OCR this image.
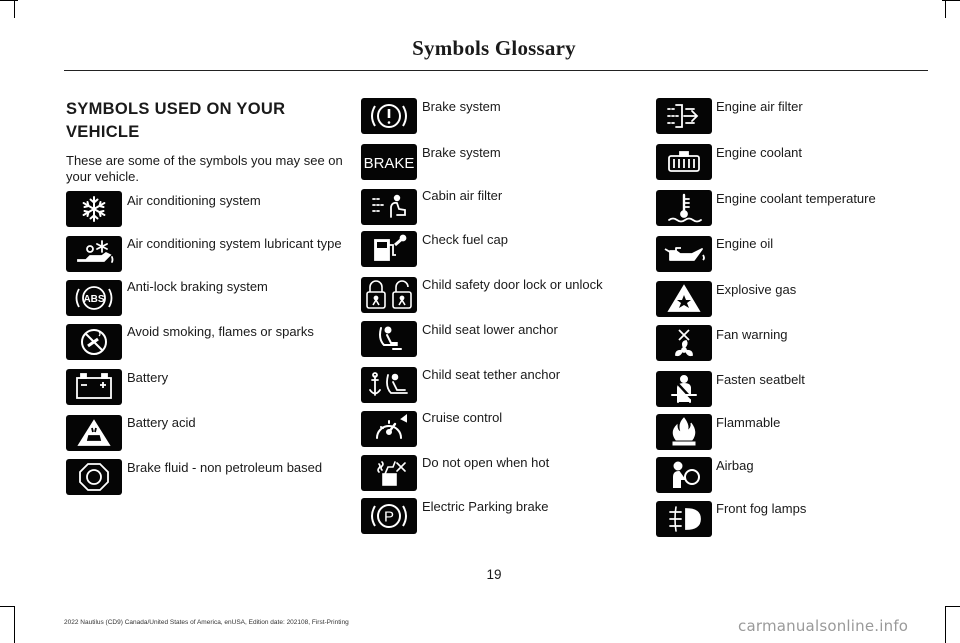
Symbols Glossary
SYMBOLS USED ON YOUR VEHICLE
These are some of the symbols you may see on your vehicle.
Air conditioning system
Air conditioning system lubricant type
ABS
Anti-lock braking system
Avoid smoking, flames or sparks
Battery
Battery acid
Brake fluid - non petroleum based
Brake system
BRAKE
Brake system
Cabin air filter
Check fuel cap
Child safety door lock or unlock
Child seat lower anchor
Child seat tether anchor
Cruise control
Do not open when hot
P
Electric Parking brake
Engine air filter
Engine coolant
Engine coolant temperature
Engine oil
Explosive gas
Fan warning
Fasten seatbelt
Flammable
Airbag
Front fog lamps
19
2022 Nautilus (CD9) Canada/United States of America, enUSA, Edition date: 202108, First-Printing	carmanualsonline.info
